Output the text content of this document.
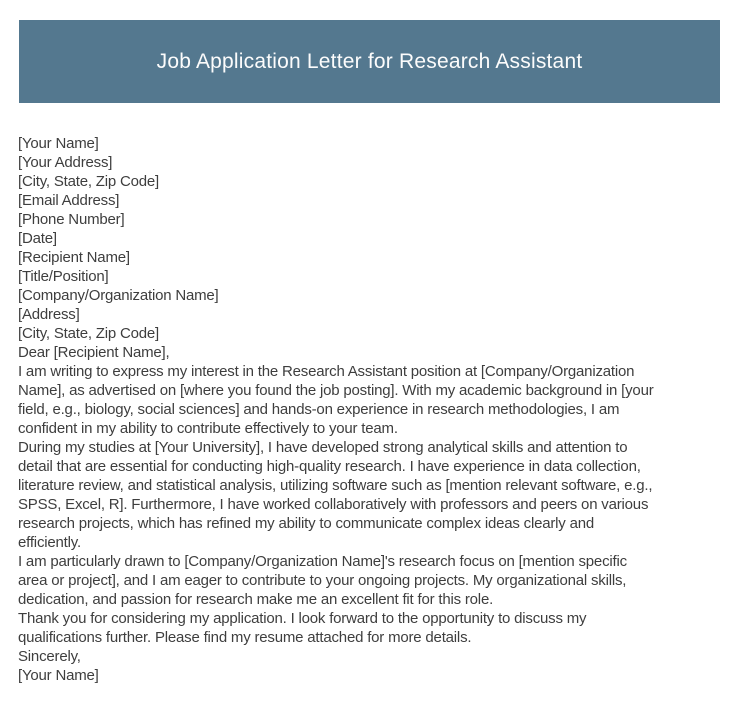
Job Application Letter for Research Assistant
[Your Name]
[Your Address]
[City, State, Zip Code]
[Email Address]
[Phone Number]
[Date]
[Recipient Name]
[Title/Position]
[Company/Organization Name]
[Address]
[City, State, Zip Code]
Dear [Recipient Name],
I am writing to express my interest in the Research Assistant position at [Company/Organization
Name], as advertised on [where you found the job posting]. With my academic background in [your
field, e.g., biology, social sciences] and hands-on experience in research methodologies, I am
confident in my ability to contribute effectively to your team.
During my studies at [Your University], I have developed strong analytical skills and attention to
detail that are essential for conducting high-quality research. I have experience in data collection,
literature review, and statistical analysis, utilizing software such as [mention relevant software, e.g.,
SPSS, Excel, R]. Furthermore, I have worked collaboratively with professors and peers on various
research projects, which has refined my ability to communicate complex ideas clearly and
efficiently.
I am particularly drawn to [Company/Organization Name]'s research focus on [mention specific
area or project], and I am eager to contribute to your ongoing projects. My organizational skills,
dedication, and passion for research make me an excellent fit for this role.
Thank you for considering my application. I look forward to the opportunity to discuss my
qualifications further. Please find my resume attached for more details.
Sincerely,
[Your Name]
